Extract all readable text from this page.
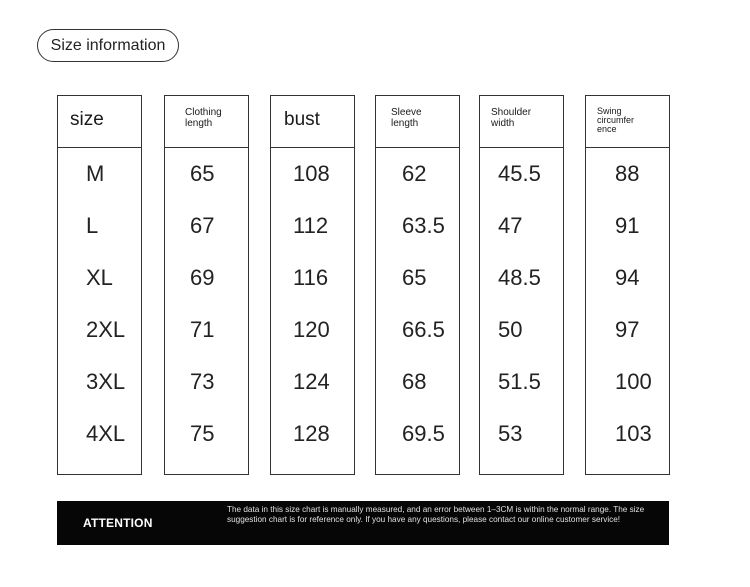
Size information
size
M
L
XL
2XL
3XL
4XL
Clothing
length
65
67
69
71
73
75
bust
108
112
116
120
124
128
Sleeve
length
62
63.5
65
66.5
68
69.5
Shoulder
width
45.5
47
48.5
50
51.5
53
Swing
circumfer
ence
88
91
94
97
100
103
ATTENTION
The data in this size chart is manually measured, and an error between 1–3CM is within the normal range. The size suggestion chart is for reference only. If you have any questions, please contact our online customer service!
